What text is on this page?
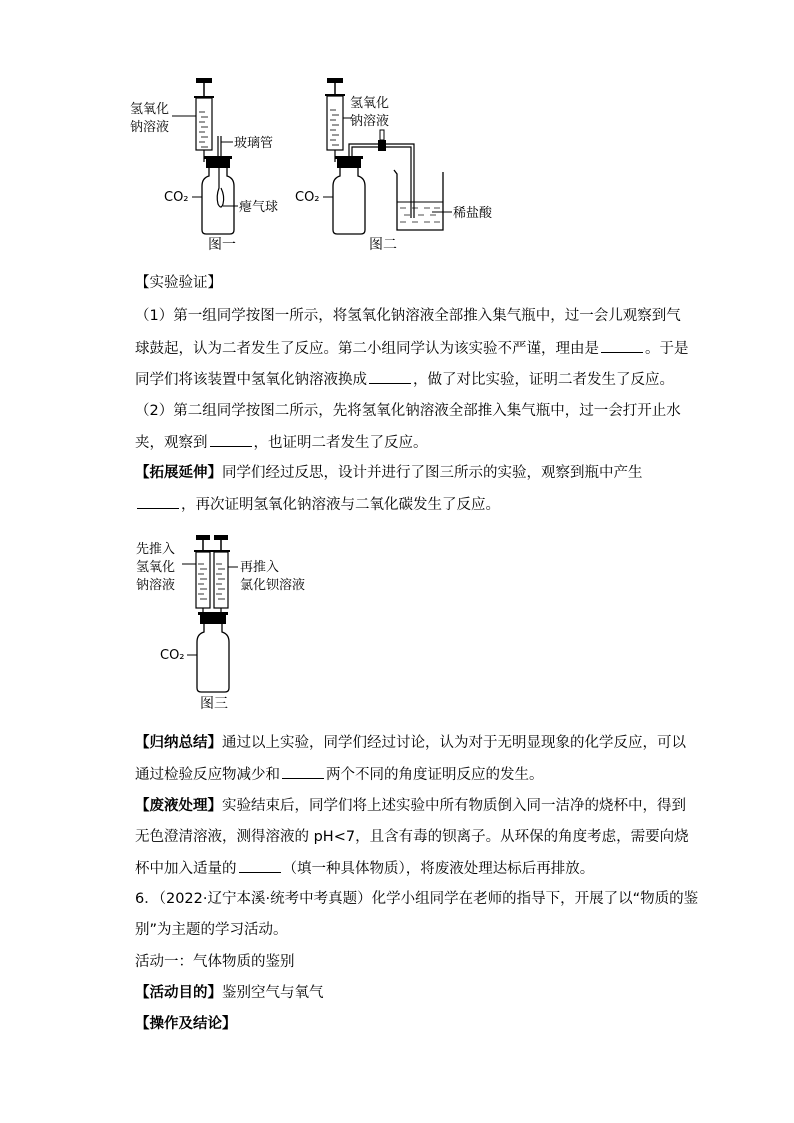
氢氧化
钠溶液
玻璃管
CO₂
瘪气球
图一
氢氧化
钠溶液
CO₂
稀盐酸
图二
【实验验证】
（1）第一组同学按图一所示，将氢氧化钠溶液全部推入集气瓶中，过一会儿观察到气
球鼓起，认为二者发生了反应。第二小组同学认为该实验不严谨，理由是	。于是
同学们将该装置中氢氧化钠溶液换成	，做了对比实验，证明二者发生了反应。
（2）第二组同学按图二所示，先将氢氧化钠溶液全部推入集气瓶中，过一会打开止水
夹，观察到	，也证明二者发生了反应。
【拓展延伸】同学们经过反思，设计并进行了图三所示的实验，观察到瓶中产生
，再次证明氢氧化钠溶液与二氧化碳发生了反应。
先推入
氢氧化
钠溶液
再推入
氯化钡溶液
CO₂
图三
【归纳总结】通过以上实验，同学们经过讨论，认为对于无明显现象的化学反应，可以
通过检验反应物减少和	两个不同的角度证明反应的发生。
【废液处理】实验结束后，同学们将上述实验中所有物质倒入同一洁净的烧杯中，得到
无色澄清溶液，测得溶液的 pH<7，且含有毒的钡离子。从环保的角度考虑，需要向烧
杯中加入适量的	（填一种具体物质），将废液处理达标后再排放。
6．（2022·辽宁本溪·统考中考真题）化学小组同学在老师的指导下，开展了以“物质的鉴
别”为主题的学习活动。
活动一：气体物质的鉴别
【活动目的】鉴别空气与氧气
【操作及结论】
